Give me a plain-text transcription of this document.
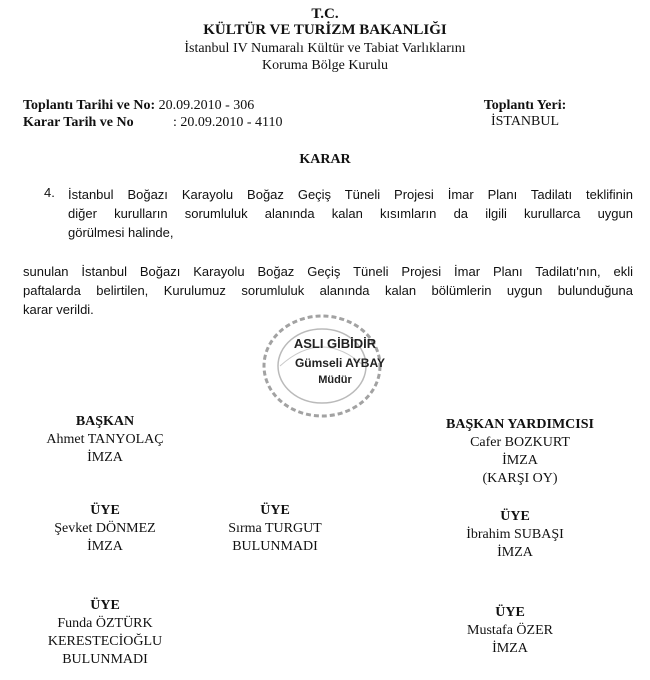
T.C.
KÜLTÜR VE TURİZM BAKANLIĞI
İstanbul IV Numaralı Kültür ve Tabiat Varlıklarını
Koruma Bölge Kurulu
Toplantı Tarihi ve No: 20.09.2010 - 306
Karar Tarih ve No	: 20.09.2010 - 4110
Toplantı Yeri:
İSTANBUL
KARAR
4. İstanbul Boğazı Karayolu Boğaz Geçiş Tüneli Projesi İmar Planı Tadilatı teklifinin
diğer kurulların sorumluluk alanında kalan kısımların da ilgili kurullarca uygun
görülmesi halinde,
sunulan İstanbul Boğazı Karayolu Boğaz Geçiş Tüneli Projesi İmar Planı Tadilatı'nın, ekli
paftalarda belirtilen, Kurulumuz sorumluluk alanında kalan bölümlerin uygun bulunduğuna
karar verildi.
ASLI GİBİDİR
Gümseli AYBAY
Müdür
BAŞKAN
Ahmet TANYOLAÇ
İMZA
BAŞKAN YARDIMCISI
Cafer BOZKURT
İMZA
(KARŞI OY)
ÜYE
Şevket DÖNMEZ
İMZA
ÜYE
Sırma TURGUT
BULUNMADI
ÜYE
İbrahim SUBAŞI
İMZA
ÜYE
Funda ÖZTÜRK
KERESTECİOĞLU
BULUNMADI
ÜYE
Mustafa ÖZER
İMZA
